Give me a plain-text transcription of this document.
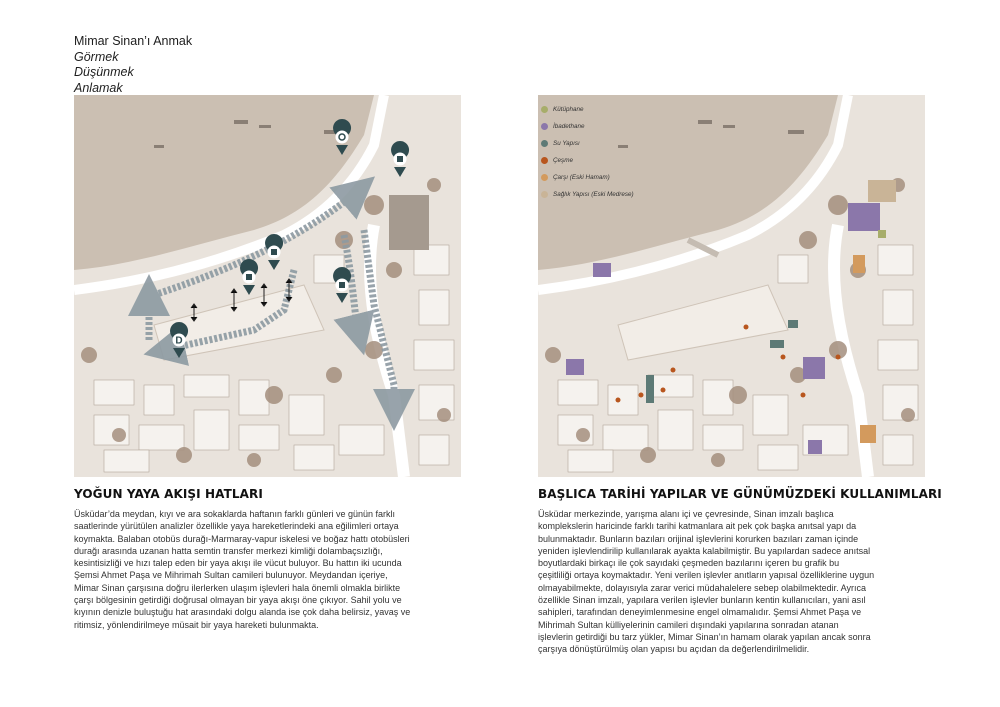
Mimar Sinan’ı Anmak
Görmek
Düşünmek
Anlamak
D
Kütüphane
İbadethane
Su Yapısı
Çeşme
Çarşı (Eski Hamam)
Sağlık Yapısı (Eski Medrese)
YOĞUN YAYA AKIŞI HATLARI	BAŞLICA TARİHİ YAPILAR VE GÜNÜMÜZDEKİ KULLANIMLARI

Üsküdar’da meydan, kıyı ve ara sokaklarda haftanın farklı günleri ve günün farklı
saatlerinde yürütülen analizler özellikle yaya hareketlerindeki ana eğilimleri ortaya
koymakta. Balaban otobüs durağı-Marmaray-vapur iskelesi ve boğaz hattı otobüsleri
durağı arasında uzanan hatta semtin transfer merkezi kimliği dolambaçsızlığı,
kesintisizliği ve hızı talep eden bir yaya akışı ile vücut buluyor. Bu hattın iki ucunda
Şemsi Ahmet Paşa ve Mihrimah Sultan camileri bulunuyor. Meydandan içeriye,
Mimar Sinan çarşısına doğru ilerlerken ulaşım işlevleri hala önemli olmakla birlikte
çarşı bölgesinin getirdiği doğrusal olmayan bir yaya akışı öne çıkıyor. Sahil yolu ve
kıyının denizle buluştuğu hat arasındaki dolgu alanda ise çok daha belirsiz, yavaş ve
ritimsiz, yönlendirilmeye müsait bir yaya hareketi bulunmakta.

Üsküdar merkezinde, yarışma alanı içi ve çevresinde, Sinan imzalı başlıca
komplekslerin haricinde farklı tarihi katmanlara ait pek çok başka anıtsal yapı da
bulunmaktadır. Bunların bazıları orijinal işlevlerini korurken bazıları zaman içinde
yeniden işlevlendirilip kullanılarak ayakta kalabilmiştir. Bu yapılardan sadece anıtsal
boyutlardaki birkaçı ile çok sayıdaki çeşmeden bazılarını içeren bu grafik bu
çeşitliliği ortaya koymaktadır. Yeni verilen işlevler anıtların yapısal özelliklerine uygun
olmayabilmekte, dolayısıyla zarar verici müdahalelere sebep olabilmektedir. Ayrıca
özellikle Sinan imzalı, yapılara verilen işlevler bunların kentin kullanıcıları, yani asıl
sahipleri, tarafından deneyimlenmesine engel olmamalıdır. Şemsi Ahmet Paşa ve
Mihrimah Sultan külliyelerinin camileri dışındaki yapılarına sonradan atanan
işlevlerin getirdiği bu tarz yükler, Mimar Sinan’ın hamam olarak yapılan ancak sonra
çarşıya dönüştürülmüş olan yapısı bu açıdan da değerlendirilmelidir.
